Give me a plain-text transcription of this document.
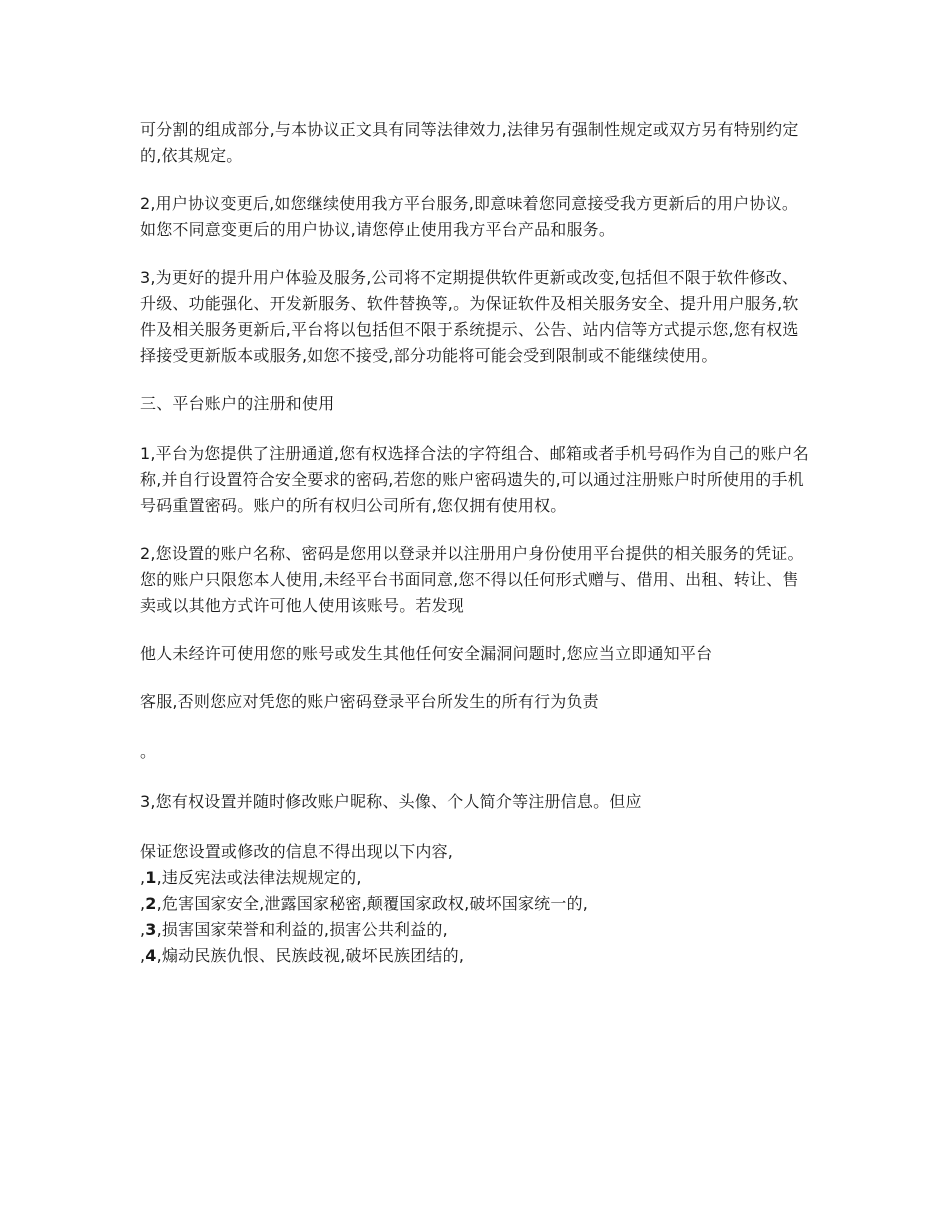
可分割的组成部分,与本协议正文具有同等法律效力,法律另有强制性规定或双方另有特别约定的,依其规定。

2,用户协议变更后,如您继续使用我方平台服务,即意味着您同意接受我方更新后的用户协议。如您不同意变更后的用户协议,请您停止使用我方平台产品和服务。

3,为更好的提升用户体验及服务,公司将不定期提供软件更新或改变,包括但不限于软件修改、升级、功能强化、开发新服务、软件替换等,。为保证软件及相关服务安全、提升用户服务,软件及相关服务更新后,平台将以包括但不限于系统提示、公告、站内信等方式提示您,您有权选择接受更新版本或服务,如您不接受,部分功能将可能会受到限制或不能继续使用。

三、平台账户的注册和使用

1,平台为您提供了注册通道,您有权选择合法的字符组合、邮箱或者手机号码作为自己的账户名称,并自行设置符合安全要求的密码,若您的账户密码遗失的,可以通过注册账户时所使用的手机号码重置密码。账户的所有权归公司所有,您仅拥有使用权。

2,您设置的账户名称、密码是您用以登录并以注册用户身份使用平台提供的相关服务的凭证。您的账户只限您本人使用,未经平台书面同意,您不得以任何形式赠与、借用、出租、转让、售卖或以其他方式许可他人使用该账号。若发现

他人未经许可使用您的账号或发生其他任何安全漏洞问题时,您应当立即通知平台

客服,否则您应对凭您的账户密码登录平台所发生的所有行为负责

。

3,您有权设置并随时修改账户昵称、头像、个人简介等注册信息。但应

保证您设置或修改的信息不得出现以下内容,

,1,违反宪法或法律法规规定的,

,2,危害国家安全,泄露国家秘密,颠覆国家政权,破坏国家统一的,

,3,损害国家荣誉和利益的,损害公共利益的,

,4,煽动民族仇恨、民族歧视,破坏民族团结的,
